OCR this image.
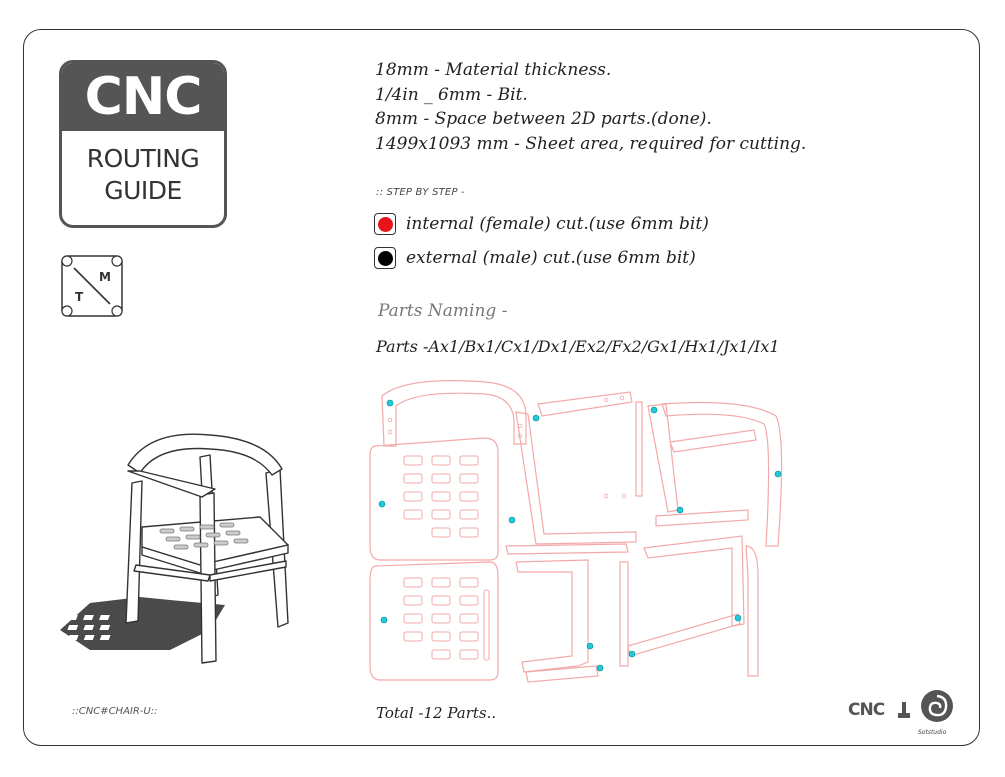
CNC
ROUTING
GUIDE
M
T
18mm - Material thickness.
1/4in _ 6mm - Bit.
8mm - Space between 2D parts.(done).
1499x1093 mm - Sheet area, required for cutting.
:: STEP BY STEP -
internal (female) cut.(use 6mm bit)
external (male) cut.(use 6mm bit)
Parts Naming -
Parts -Ax1/Bx1/Cx1/Dx1/Ex2/Fx2/Gx1/Hx1/Jx1/Ix1
Total -12 Parts..
::CNC#CHAIR-U::	CNC
Sotstudio
